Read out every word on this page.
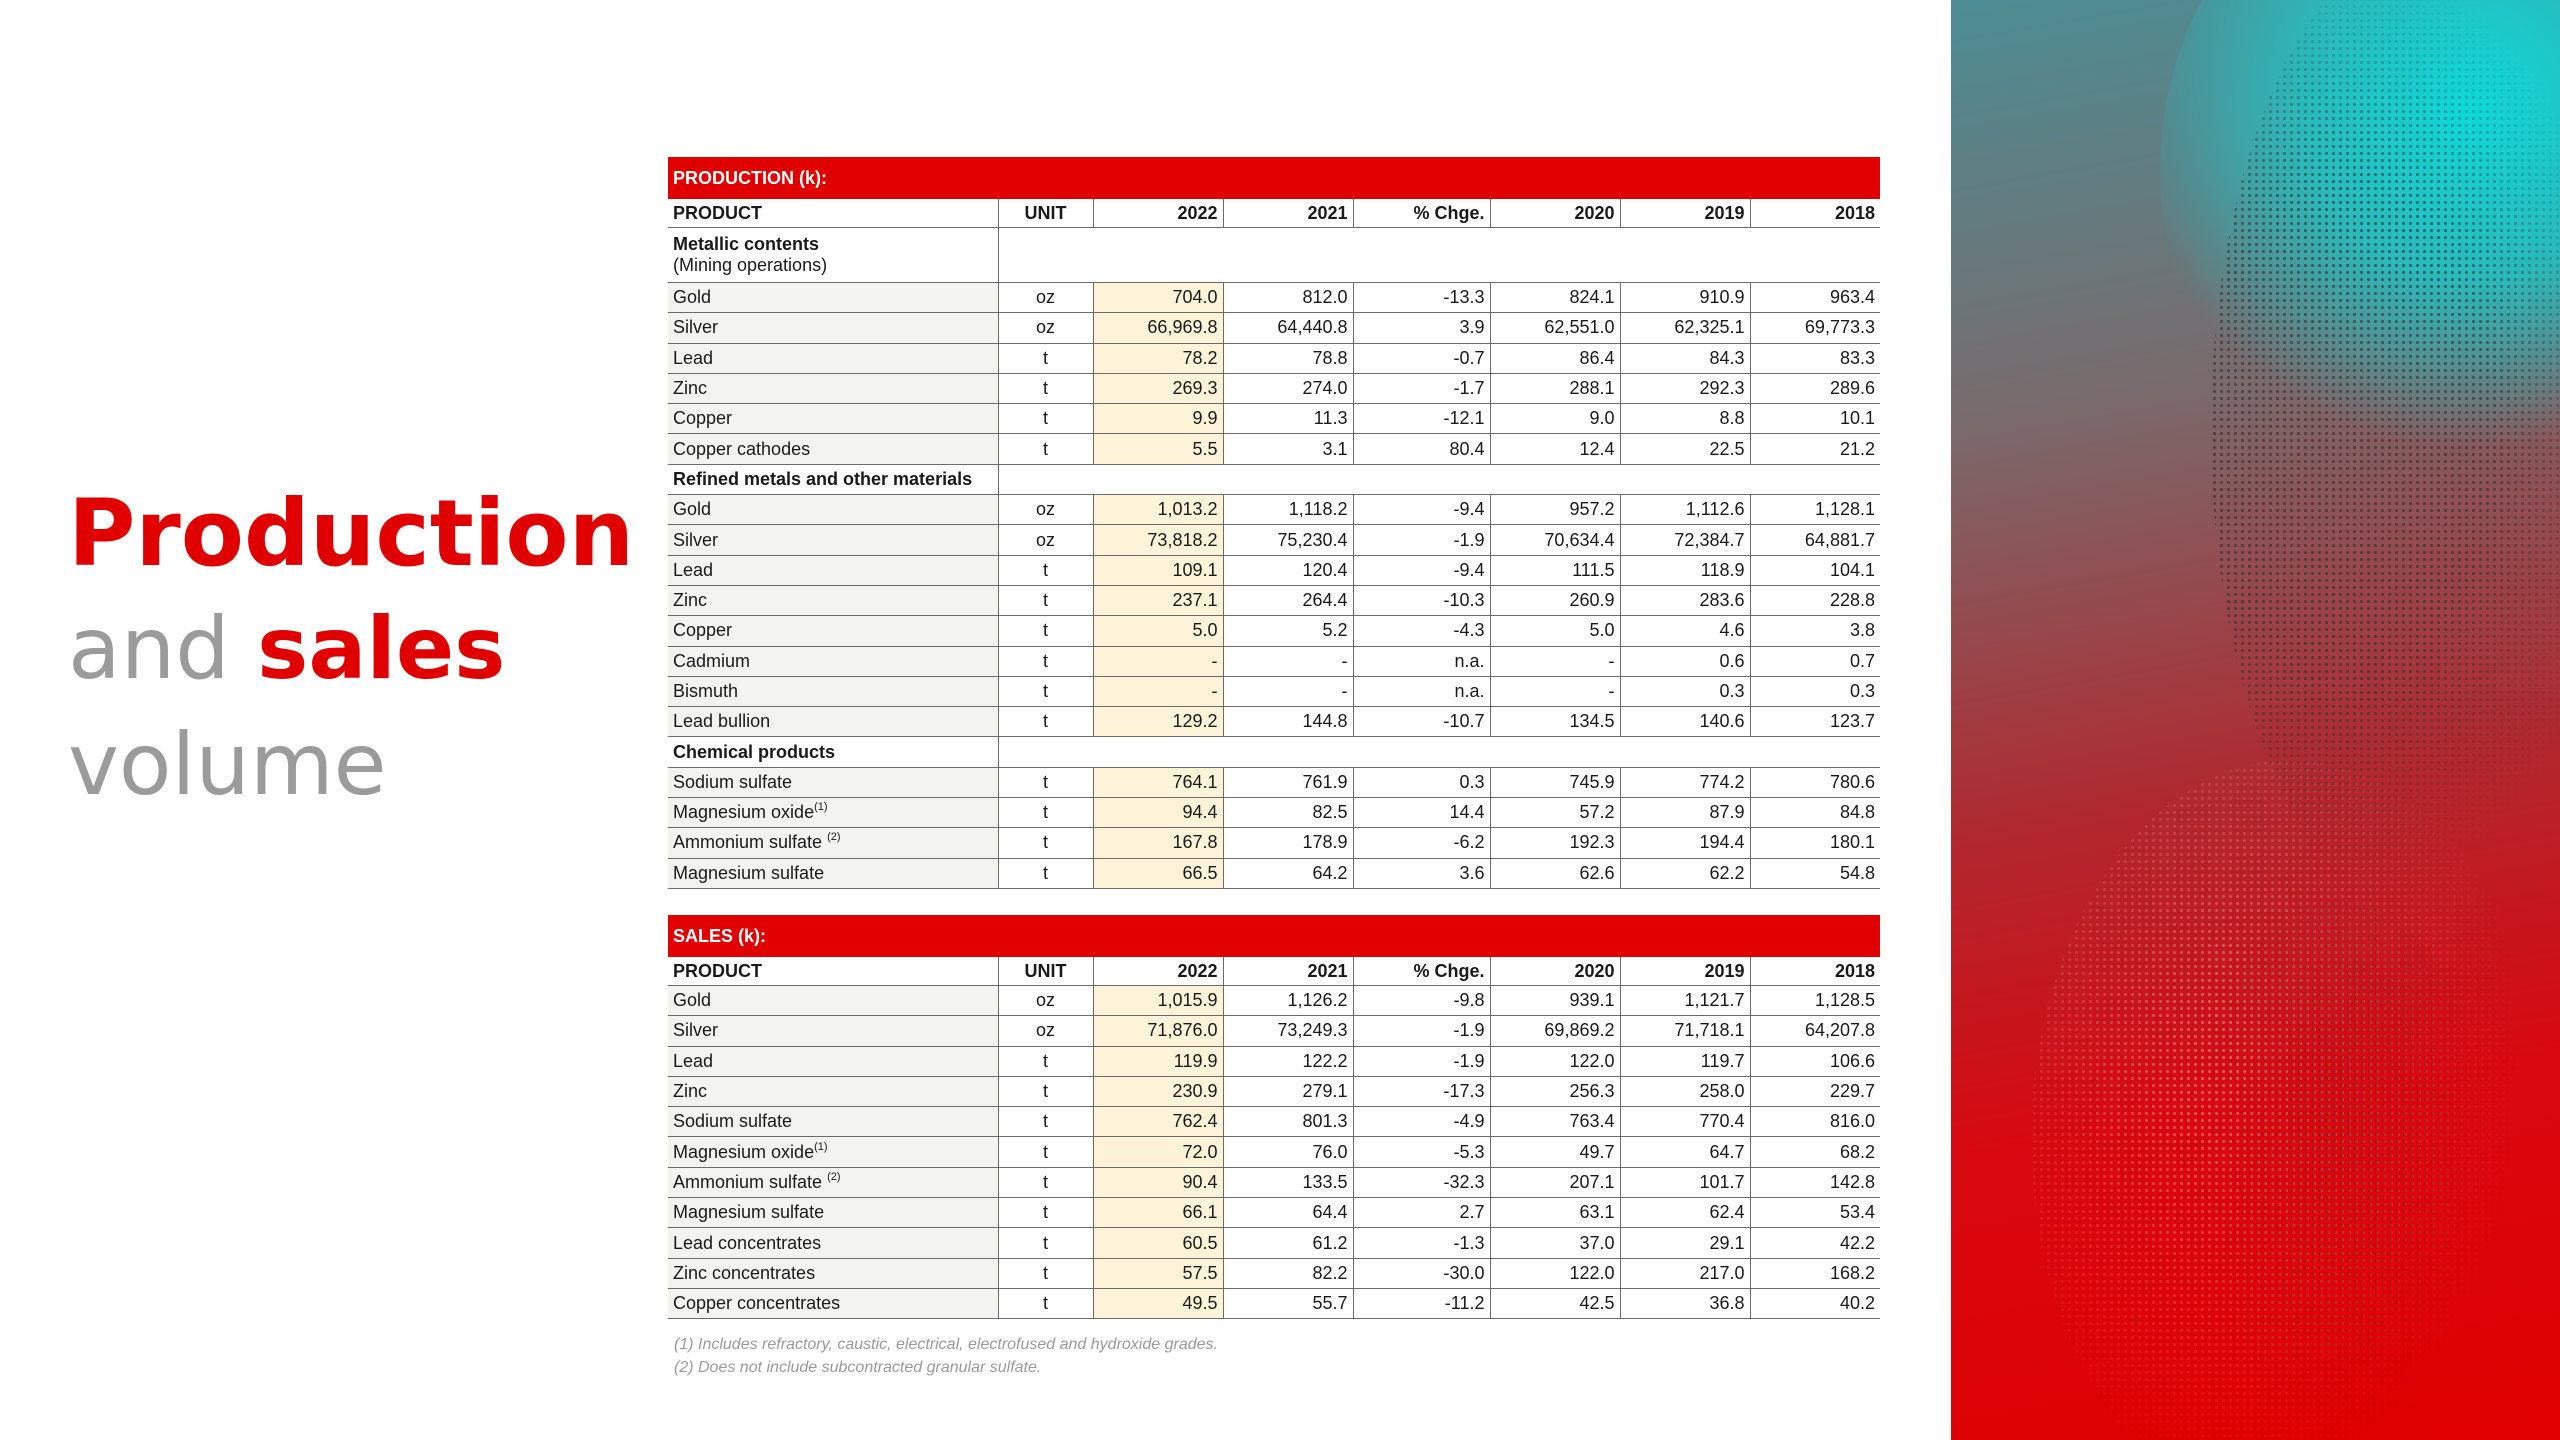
Production
and sales
volume
PRODUCTION (k):							
PRODUCT	UNIT	2022	2021	% Chge.	2020	2019	2018
Metallic contents
(Mining operations)							

Gold	oz	704.0	812.0	-13.3	824.1	910.9	963.4
Silver	oz	66,969.8	64,440.8	3.9	62,551.0	62,325.1	69,773.3
Lead	t	78.2	78.8	-0.7	86.4	84.3	83.3
Zinc	t	269.3	274.0	-1.7	288.1	292.3	289.6
Copper	t	9.9	11.3	-12.1	9.0	8.8	10.1
Copper cathodes	t	5.5	3.1	80.4	12.4	22.5	21.2
Refined metals and other materials							
Gold	oz	1,013.2	1,118.2	-9.4	957.2	1,112.6	1,128.1
Silver	oz	73,818.2	75,230.4	-1.9	70,634.4	72,384.7	64,881.7
Lead	t	109.1	120.4	-9.4	111.5	118.9	104.1
Zinc	t	237.1	264.4	-10.3	260.9	283.6	228.8
Copper	t	5.0	5.2	-4.3	5.0	4.6	3.8
Cadmium	t	-	-	n.a.	-	0.6	0.7
Bismuth	t	-	-	n.a.	-	0.3	0.3
Lead bullion	t	129.2	144.8	-10.7	134.5	140.6	123.7
Chemical products							
Sodium sulfate	t	764.1	761.9	0.3	745.9	774.2	780.6
Magnesium oxide$^{(1)}$	t	94.4	82.5	14.4	57.2	87.9	84.8
Ammonium sulfate $^{(2)}$	t	167.8	178.9	-6.2	192.3	194.4	180.1
Magnesium sulfate	t	66.5	64.2	3.6	62.6	62.2	54.8
SALES (k):							
PRODUCT	UNIT	2022	2021	% Chge.	2020	2019	2018
Gold	oz	1,015.9	1,126.2	-9.8	939.1	1,121.7	1,128.5
Silver	oz	71,876.0	73,249.3	-1.9	69,869.2	71,718.1	64,207.8
Lead	t	119.9	122.2	-1.9	122.0	119.7	106.6
Zinc	t	230.9	279.1	-17.3	256.3	258.0	229.7
Sodium sulfate	t	762.4	801.3	-4.9	763.4	770.4	816.0
Magnesium oxide$^{(1)}$	t	72.0	76.0	-5.3	49.7	64.7	68.2
Ammonium sulfate $^{(2)}$	t	90.4	133.5	-32.3	207.1	101.7	142.8
Magnesium sulfate	t	66.1	64.4	2.7	63.1	62.4	53.4
Lead concentrates	t	60.5	61.2	-1.3	37.0	29.1	42.2
Zinc concentrates	t	57.5	82.2	-30.0	122.0	217.0	168.2
Copper concentrates	t	49.5	55.7	-11.2	42.5	36.8	40.2
(1) Includes refractory, caustic, electrical, electrofused and hydroxide grades.
(2) Does not include subcontracted granular sulfate.
